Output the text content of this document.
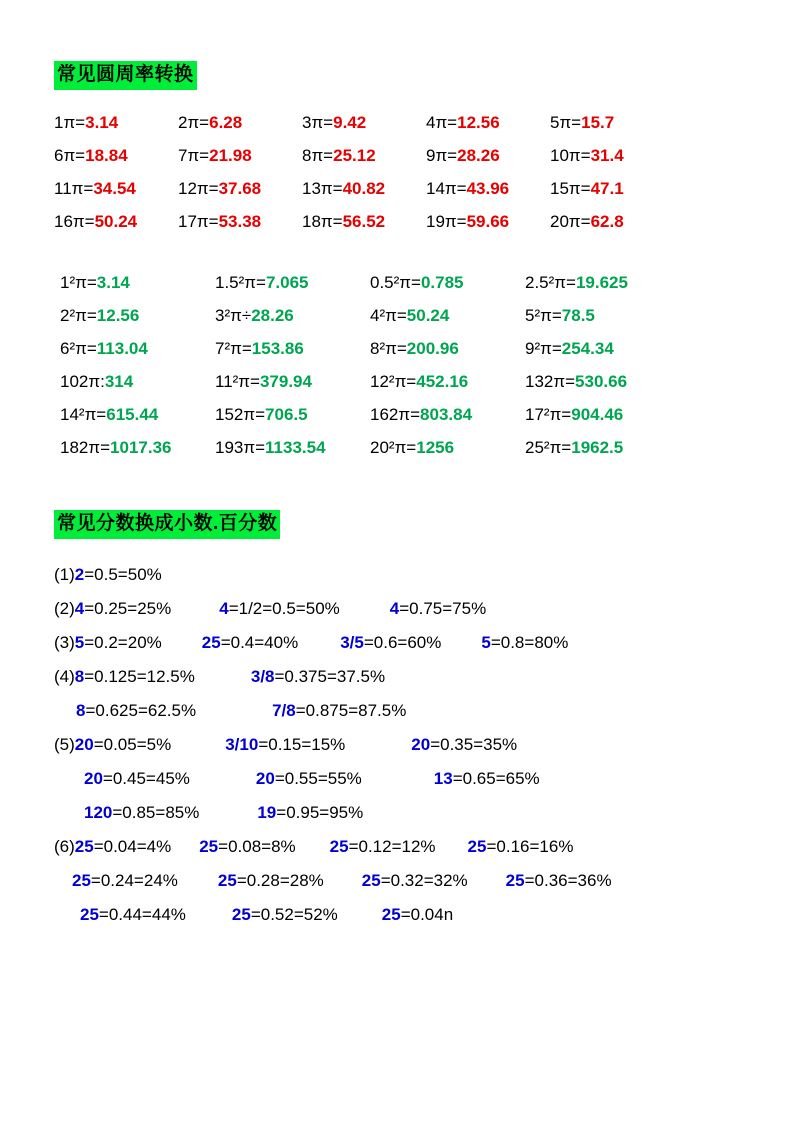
常见圆周率转换
1π=3.14	2π=6.28	3π=9.42	4π=12.56	5π=15.7
6π=18.84	7π=21.98	8π=25.12	9π=28.26	10π=31.4
11π=34.54	12π=37.68	13π=40.82	14π=43.96	15π=47.1
16π=50.24	17π=53.38	18π=56.52	19π=59.66	20π=62.8
1²π=3.14	1.5²π=7.065	0.5²π=0.785	2.5²π=19.625
2²π=12.56	3²π÷28.26	4²π=50.24	5²π=78.5
6²π=113.04	7²π=153.86	8²π=200.96	9²π=254.34
102π:314	11²π=379.94	12²π=452.16	132π=530.66
14²π=615.44	152π=706.5	162π=803.84	17²π=904.46
182π=1017.36	193π=1133.54	20²π=1256	25²π=1962.5
常见分数换成小数.百分数
(1)2=0.5=50%
(2)4=0.25=25%	4=1/2=0.5=50%	4=0.75=75%
(3)5=0.2=20% 25=0.4=40% 3/5=0.6=60% 5=0.8=80%
(4)8=0.125=12.5%	3/8=0.375=37.5%
8=0.625=62.5%	7/8=0.875=87.5%
(5)20=0.05=5%	3/10=0.15=15%	20=0.35=35%
20=0.45=45%	20=0.55=55%	13=0.65=65%
120=0.85=85%	19=0.95=95%
(6)25=0.04=4% 25=0.08=8% 25=0.12=12% 25=0.16=16%
25=0.24=24% 25=0.28=28% 25=0.32=32% 25=0.36=36%
25=0.44=44%	25=0.52=52%	25=0.04n
